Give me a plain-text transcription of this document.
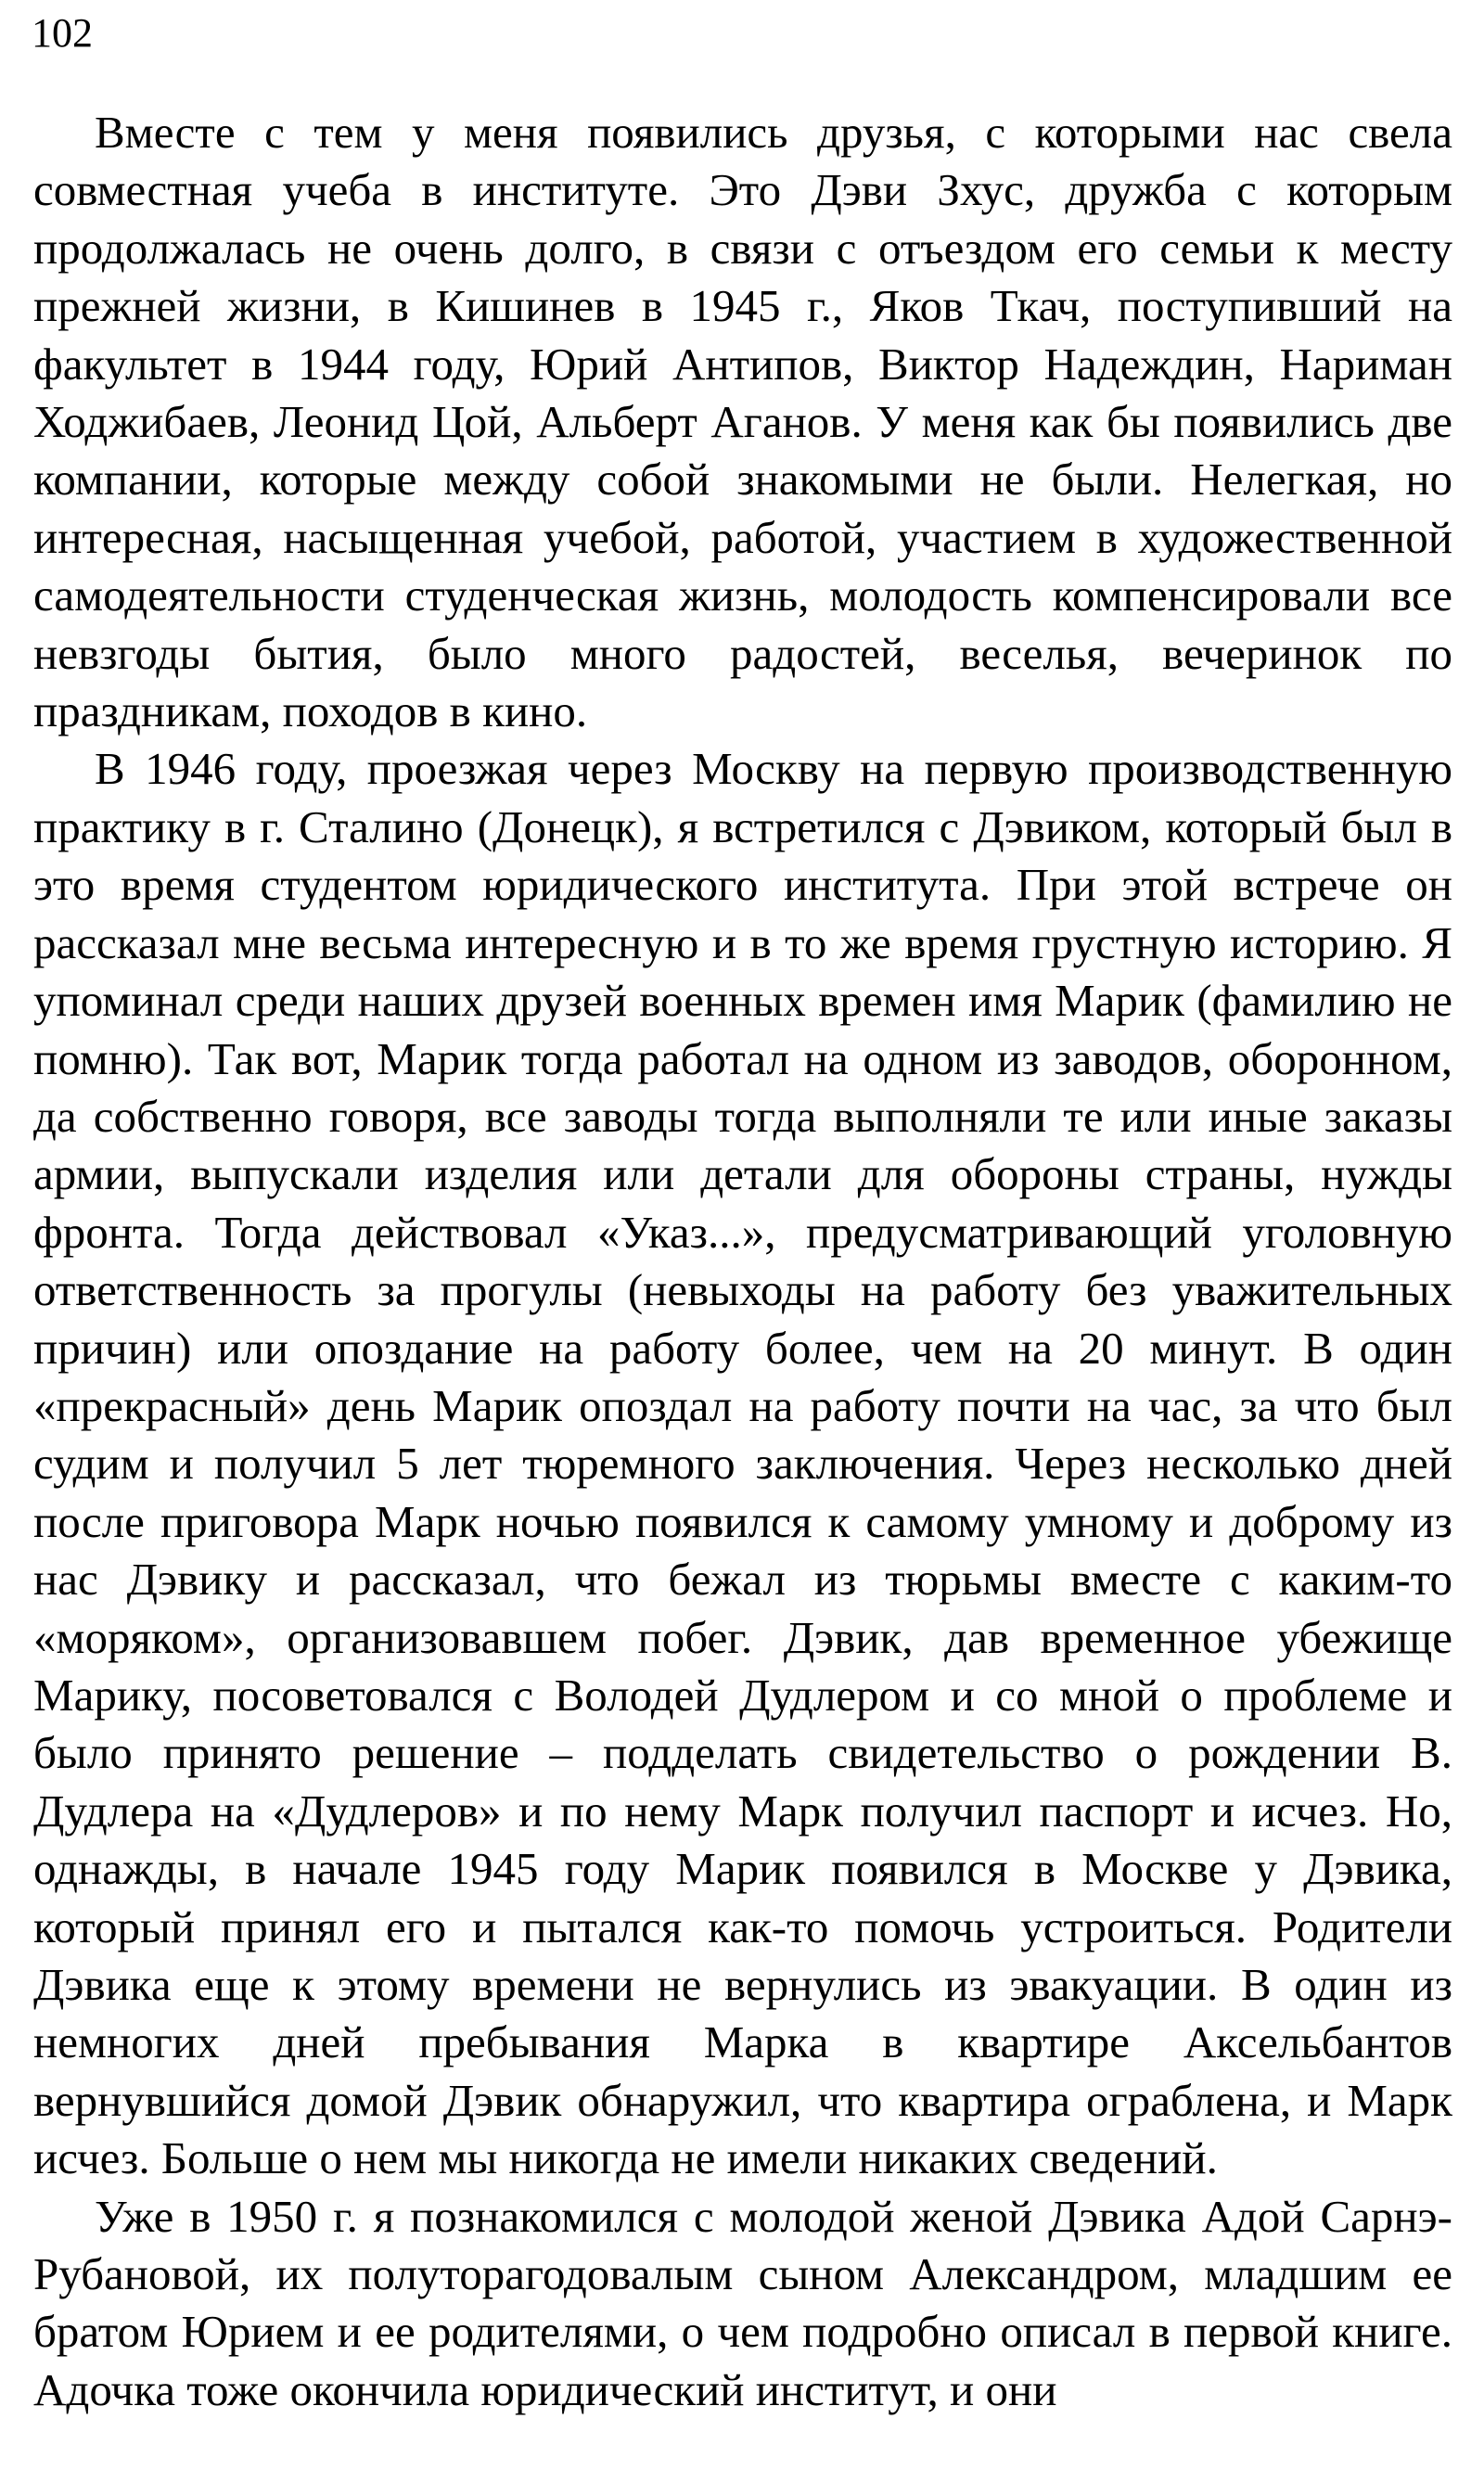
102

Вместе с тем у меня появились друзья, с которыми нас свела совместная учеба в институте. Это Дэви Зхус, дружба с которым продолжалась не очень долго, в связи с отъездом его семьи к месту прежней жизни, в Кишинев в 1945 г., Яков Ткач, поступивший на факультет в 1944 году, Юрий Антипов, Виктор Надеждин, Нариман Ходжибаев, Леонид Цой, Альберт Аганов. У меня как бы появились две компании, которые между собой знакомыми не были. Нелегкая, но интересная, насыщенная учебой, работой, участием в художественной самодеятельности студенческая жизнь, молодость компенсировали все невзгоды бытия, было много радостей, веселья, вечеринок по праздникам, походов в кино.

В 1946 году, проезжая через Москву на первую производственную практику в г. Сталино (Донецк), я встретился с Дэвиком, который был в это время студентом юридического института. При этой встрече он рассказал мне весьма интересную и в то же время грустную историю. Я упоминал среди наших друзей военных времен имя Марик (фамилию не помню). Так вот, Марик тогда работал на одном из заводов, оборонном, да собственно говоря, все заводы тогда выполняли те или иные заказы армии, выпускали изделия или детали для обороны страны, нужды фронта. Тогда действовал «Указ...», предусматривающий уголовную ответственность за прогулы (невыходы на работу без уважительных причин) или опоздание на работу более, чем на 20 минут. В один «прекрасный» день Марик опоздал на работу почти на час, за что был судим и получил 5 лет тюремного заключения. Через несколько дней после приговора Марк ночью появился к самому умному и доброму из нас Дэвику и рассказал, что бежал из тюрьмы вместе с каким-то «моряком», организовавшем побег. Дэвик, дав временное убежище Марику, посоветовался с Володей Дудлером и со мной о проблеме и было принято решение – подделать свидетельство о рождении В. Дудлера на «Дудлеров» и по нему Марк получил паспорт и исчез. Но, однажды, в начале 1945 году Марик появился в Москве у Дэвика, который принял его и пытался как-то помочь устроиться. Родители Дэвика еще к этому времени не вернулись из эвакуации. В один из немногих дней пребывания Марка в квартире Аксельбантов вернувшийся домой Дэвик обнаружил, что квартира ограблена, и Марк исчез. Больше о нем мы никогда не имели никаких сведений.

Уже в 1950 г. я познакомился с молодой женой Дэвика Адой Сарнэ-Рубановой, их полуторагодовалым сыном Александром, младшим ее братом Юрием и ее родителями, о чем подробно описал в первой книге. Адочка тоже окончила юридический институт, и они
